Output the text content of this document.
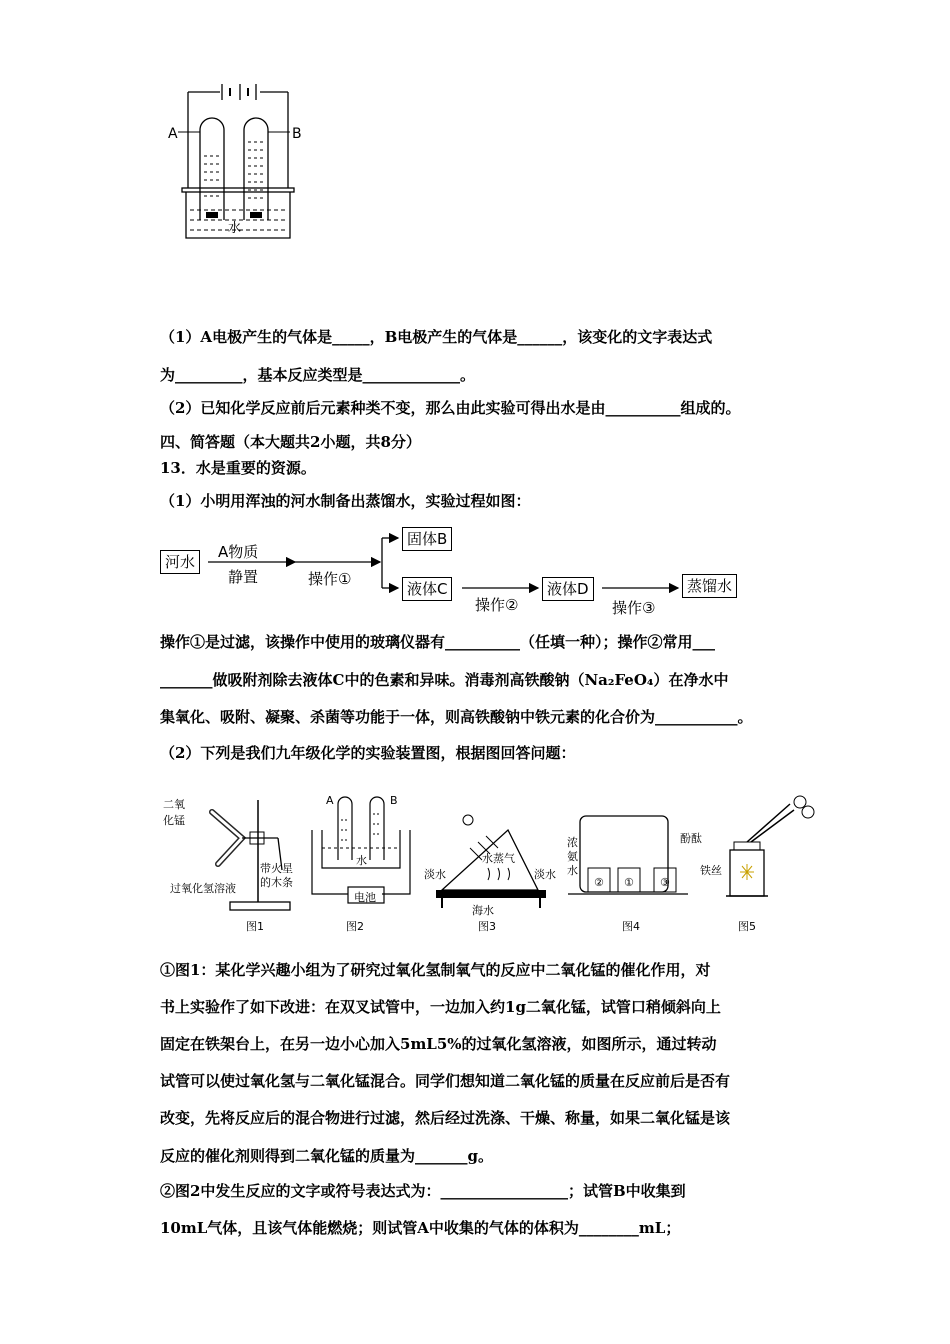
A	B
水
（1）A电极产生的气体是_____，B电极产生的气体是______，该变化的文字表达式
为_________，基本反应类型是_____________。
（2）已知化学反应前后元素种类不变，那么由此实验可得出水是由__________组成的。
四、简答题（本大题共2小题，共8分）
13．水是重要的资源。
（1）小明用浑浊的河水制备出蒸馏水，实验过程如图：
河水
A物质
静置	操作①
固体B
液体C
操作②
液体D
操作③
蒸馏水
操作①是过滤，该操作中使用的玻璃仪器有__________（任填一种）；操作②常用___
_______做吸附剂除去液体C中的色素和异味。消毒剂高铁酸钠（Na₂FeO₄）在净水中
集氧化、吸附、凝聚、杀菌等功能于一体，则高铁酸钠中铁元素的化合价为___________。
（2）下列是我们九年级化学的实验装置图，根据图回答问题：
二氧
化锰
过氧化氢溶液
带火星
的木条
图1
A	B
水
电池
图2
淡水
水蒸气
淡水
海水
图3
浓
氨
水
酚酞
② ① ③
图4
铁丝
图5
①图1：某化学兴趣小组为了研究过氧化氢制氧气的反应中二氧化锰的催化作用，对
书上实验作了如下改进：在双叉试管中，一边加入约1g二氧化锰，试管口稍倾斜向上
固定在铁架台上，在另一边小心加入5mL5%的过氧化氢溶液，如图所示，通过转动
试管可以使过氧化氢与二氧化锰混合。同学们想知道二氧化锰的质量在反应前后是否有
改变，先将反应后的混合物进行过滤，然后经过洗涤、干燥、称量，如果二氧化锰是该
反应的催化剂则得到二氧化锰的质量为_______g。
②图2中发生反应的文字或符号表达式为：_________________；试管B中收集到
10mL气体，且该气体能燃烧；则试管A中收集的气体的体积为________mL；
